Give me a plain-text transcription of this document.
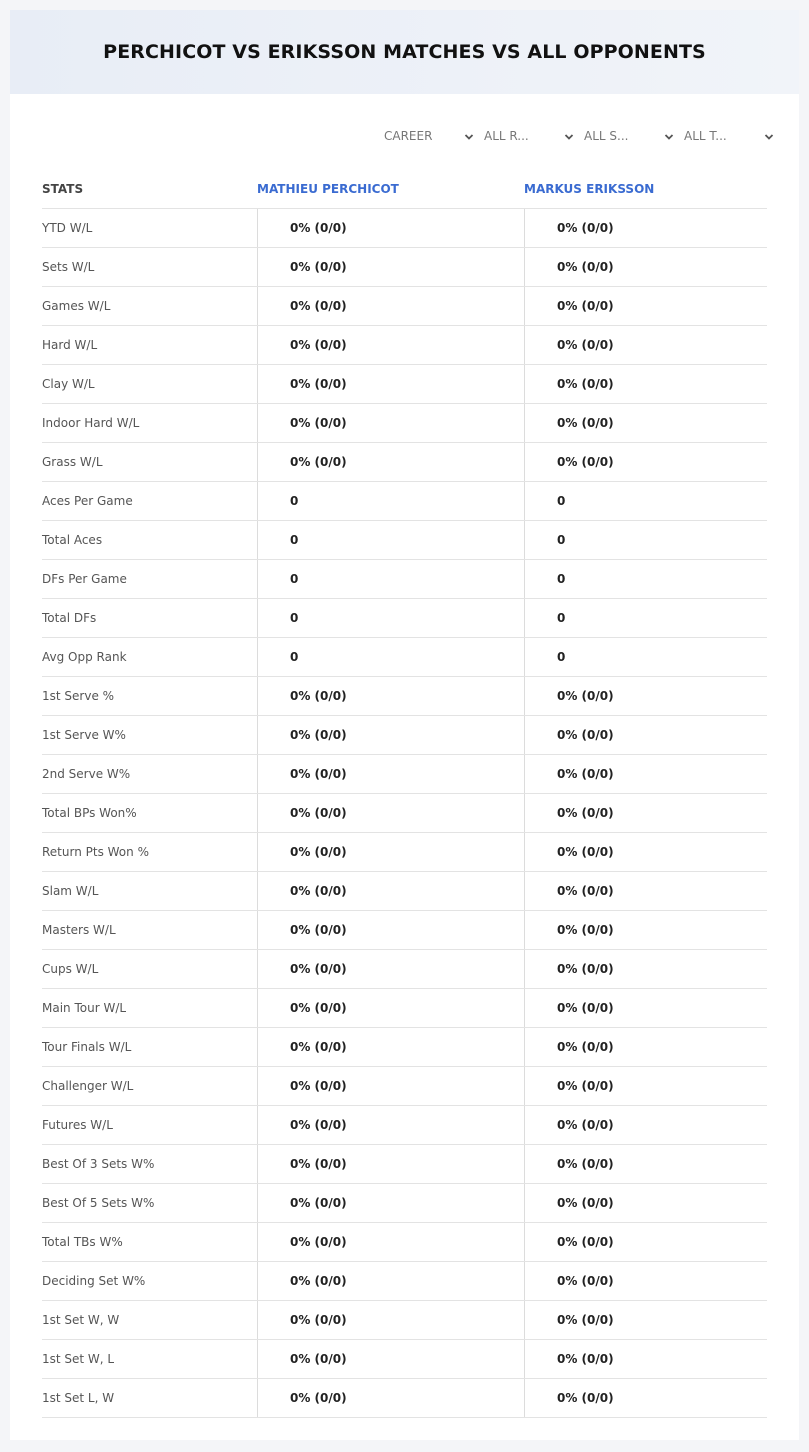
PERCHICOT VS ERIKSSON MATCHES VS ALL OPPONENTS
CAREER	ALL R...	ALL S...	ALL T...
STATS	MATHIEU PERCHICOT	MARKUS ERIKSSON
YTD W/L	0% (0/0)	0% (0/0)
Sets W/L	0% (0/0)	0% (0/0)
Games W/L	0% (0/0)	0% (0/0)
Hard W/L	0% (0/0)	0% (0/0)
Clay W/L	0% (0/0)	0% (0/0)
Indoor Hard W/L	0% (0/0)	0% (0/0)
Grass W/L	0% (0/0)	0% (0/0)
Aces Per Game	0	0
Total Aces	0	0
DFs Per Game	0	0
Total DFs	0	0
Avg Opp Rank	0	0
1st Serve %	0% (0/0)	0% (0/0)
1st Serve W%	0% (0/0)	0% (0/0)
2nd Serve W%	0% (0/0)	0% (0/0)
Total BPs Won%	0% (0/0)	0% (0/0)
Return Pts Won %	0% (0/0)	0% (0/0)
Slam W/L	0% (0/0)	0% (0/0)
Masters W/L	0% (0/0)	0% (0/0)
Cups W/L	0% (0/0)	0% (0/0)
Main Tour W/L	0% (0/0)	0% (0/0)
Tour Finals W/L	0% (0/0)	0% (0/0)
Challenger W/L	0% (0/0)	0% (0/0)
Futures W/L	0% (0/0)	0% (0/0)
Best Of 3 Sets W%	0% (0/0)	0% (0/0)
Best Of 5 Sets W%	0% (0/0)	0% (0/0)
Total TBs W%	0% (0/0)	0% (0/0)
Deciding Set W%	0% (0/0)	0% (0/0)
1st Set W, W	0% (0/0)	0% (0/0)
1st Set W, L	0% (0/0)	0% (0/0)
1st Set L, W	0% (0/0)	0% (0/0)
